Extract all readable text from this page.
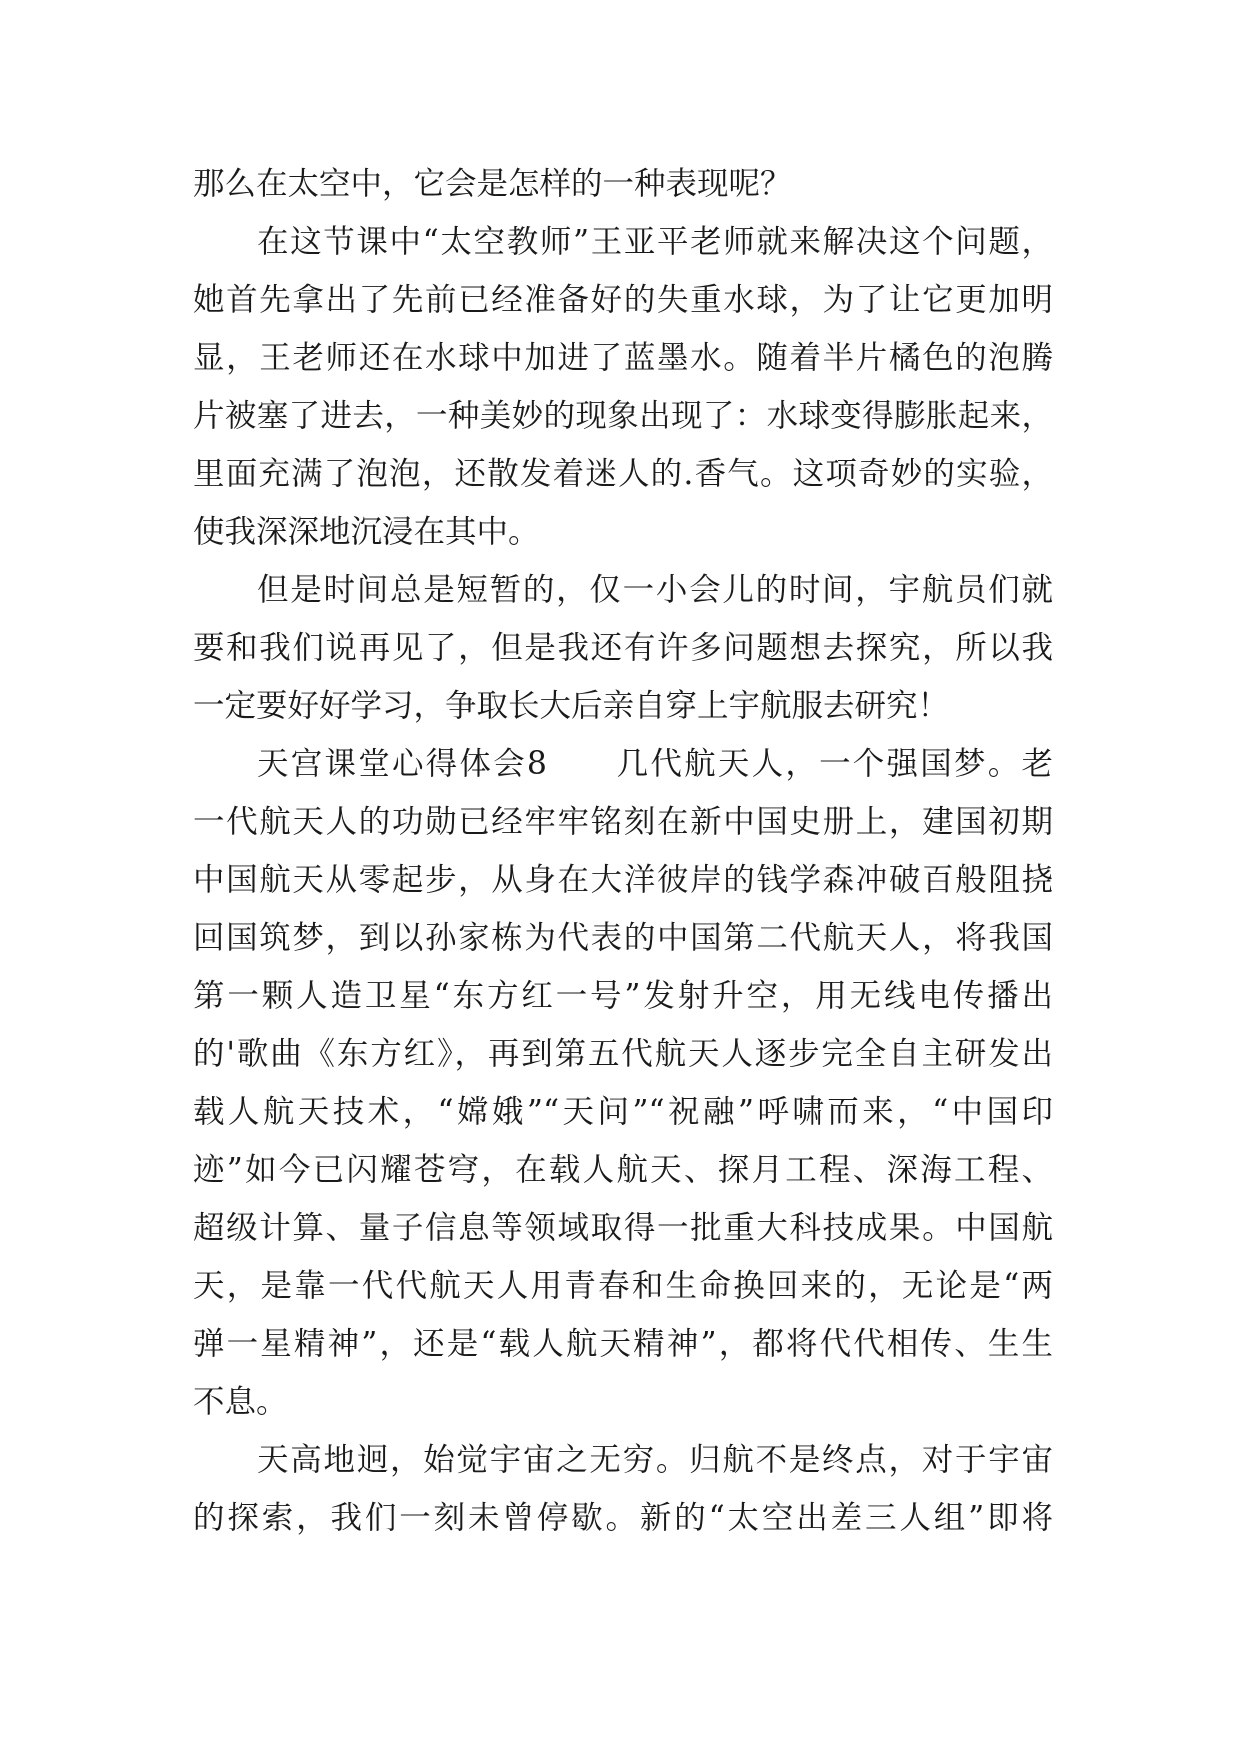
那么在太空中，它会是怎样的一种表现呢？
在这节课中“太空教师”王亚平老师就来解决这个问题，
她首先拿出了先前已经准备好的失重水球，为了让它更加明
显，王老师还在水球中加进了蓝墨水。随着半片橘色的泡腾
片被塞了进去，一种美妙的现象出现了：水球变得膨胀起来，
里面充满了泡泡，还散发着迷人的.香气。这项奇妙的实验，
使我深深地沉浸在其中。
但是时间总是短暂的，仅一小会儿的时间，宇航员们就
要和我们说再见了，但是我还有许多问题想去探究，所以我
一定要好好学习，争取长大后亲自穿上宇航服去研究！
天宫课堂心得体会8　　几代航天人，一个强国梦。老
一代航天人的功勋已经牢牢铭刻在新中国史册上，建国初期
中国航天从零起步，从身在大洋彼岸的钱学森冲破百般阻挠
回国筑梦，到以孙家栋为代表的中国第二代航天人，将我国
第一颗人造卫星“东方红一号”发射升空，用无线电传播出
的'歌曲《东方红》，再到第五代航天人逐步完全自主研发出
载人航天技术，“嫦娥”“天问”“祝融”呼啸而来，“中国印
迹”如今已闪耀苍穹，在载人航天、探月工程、深海工程、
超级计算、量子信息等领域取得一批重大科技成果。中国航
天，是靠一代代航天人用青春和生命换回来的，无论是“两
弹一星精神”，还是“载人航天精神”，都将代代相传、生生
不息。
天高地迥，始觉宇宙之无穷。归航不是终点，对于宇宙
的探索，我们一刻未曾停歇。新的“太空出差三人组”即将
